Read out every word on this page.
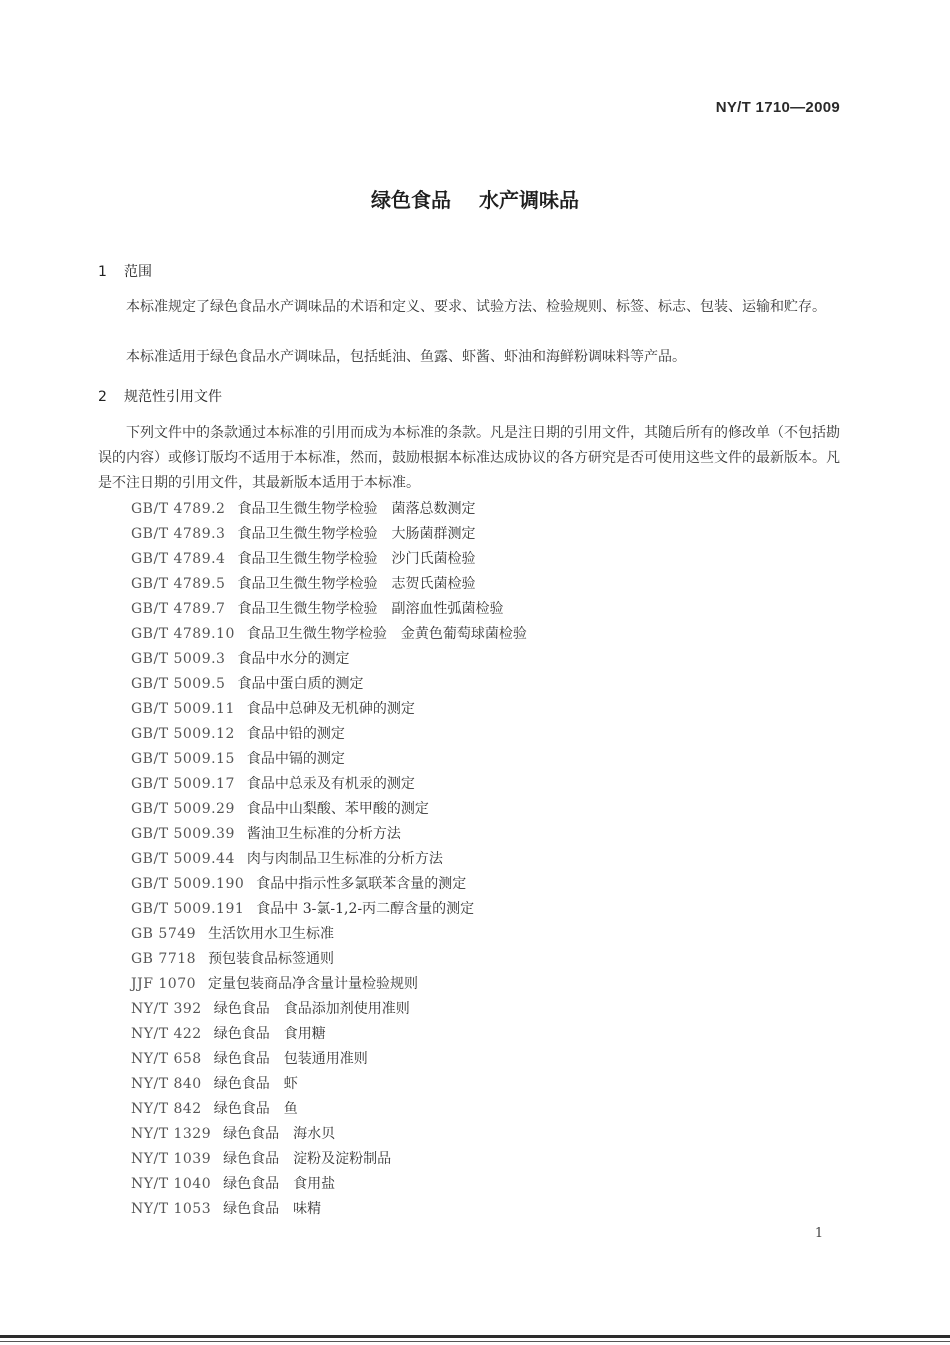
NY/T 1710—2009
绿色食品 水产调味品
1 范围

本标准规定了绿色食品水产调味品的术语和定义、要求、试验方法、检验规则、标签、标志、包装、运输和贮存。

本标准适用于绿色食品水产调味品，包括蚝油、鱼露、虾酱、虾油和海鲜粉调味料等产品。

2 规范性引用文件

下列文件中的条款通过本标准的引用而成为本标准的条款。凡是注日期的引用文件，其随后所有的修改单（不包括勘误的内容）或修订版均不适用于本标准，然而，鼓励根据本标准达成协议的各方研究是否可使用这些文件的最新版本。凡是不注日期的引用文件，其最新版本适用于本标准。

GB/T 4789.2 食品卫生微生物学检验　菌落总数测定
GB/T 4789.3 食品卫生微生物学检验　大肠菌群测定
GB/T 4789.4 食品卫生微生物学检验　沙门氏菌检验
GB/T 4789.5 食品卫生微生物学检验　志贺氏菌检验
GB/T 4789.7 食品卫生微生物学检验　副溶血性弧菌检验
GB/T 4789.10 食品卫生微生物学检验　金黄色葡萄球菌检验
GB/T 5009.3 食品中水分的测定
GB/T 5009.5 食品中蛋白质的测定
GB/T 5009.11 食品中总砷及无机砷的测定
GB/T 5009.12 食品中铅的测定
GB/T 5009.15 食品中镉的测定
GB/T 5009.17 食品中总汞及有机汞的测定
GB/T 5009.29 食品中山梨酸、苯甲酸的测定
GB/T 5009.39 酱油卫生标准的分析方法
GB/T 5009.44 肉与肉制品卫生标准的分析方法
GB/T 5009.190 食品中指示性多氯联苯含量的测定
GB/T 5009.191 食品中 3-氯-1,2-丙二醇含量的测定
GB 5749 生活饮用水卫生标准
GB 7718 预包装食品标签通则
JJF 1070 定量包装商品净含量计量检验规则
NY/T 392 绿色食品　食品添加剂使用准则
NY/T 422 绿色食品　食用糖
NY/T 658 绿色食品　包装通用准则
NY/T 840 绿色食品　虾
NY/T 842 绿色食品　鱼
NY/T 1329 绿色食品　海水贝
NY/T 1039 绿色食品　淀粉及淀粉制品
NY/T 1040 绿色食品　食用盐
NY/T 1053 绿色食品　味精
1
